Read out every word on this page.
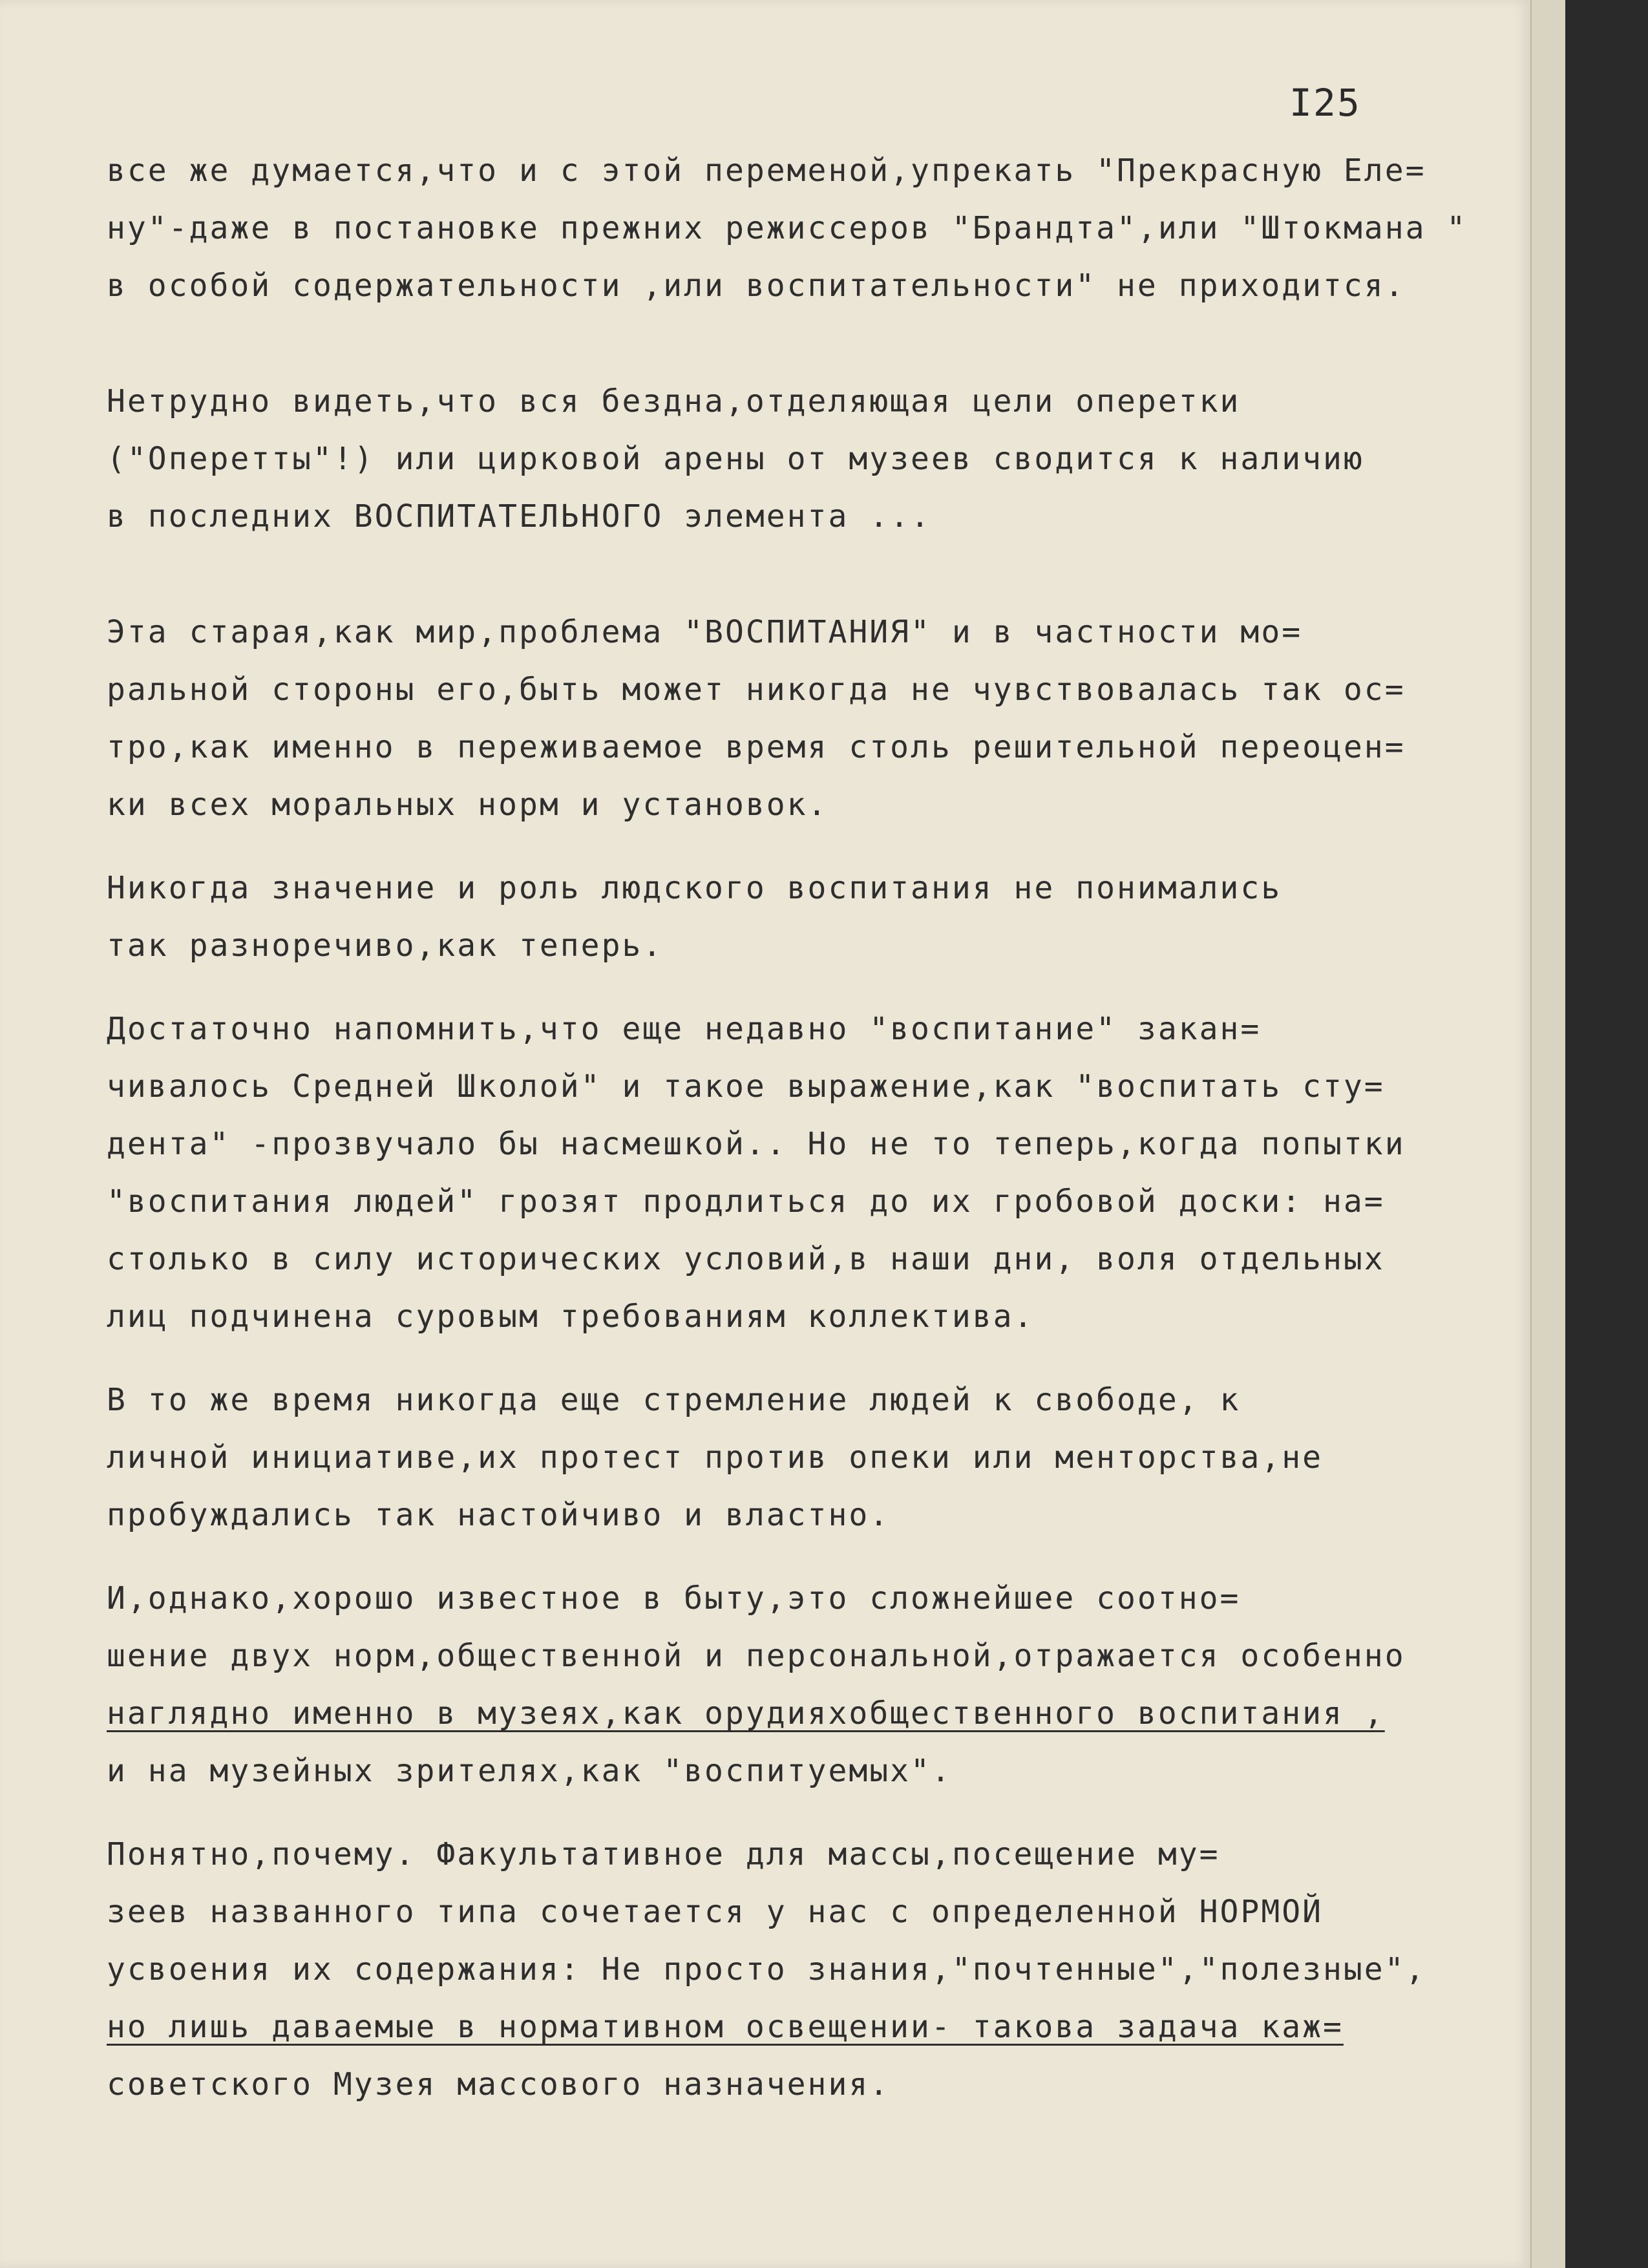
I25
все же думается,что и с этой переменой,упрекать "Прекрасную Еле=
ну"-даже в постановке прежних режиссеров "Брандта",или "Штокмана "
в особой содержательности ,или воспитательности" не приходится.
Нетрудно видеть,что вся бездна,отделяющая цели оперетки
("Оперетты"!) или цирковой арены от музеев сводится к наличию
в последних ВОСПИТАТЕЛЬНОГО элемента ...
Эта старая,как мир,проблема "ВОСПИТАНИЯ" и в частности мо=
ральной стороны его,быть может никогда не чувствовалась так ос=
тро,как именно в переживаемое время столь решительной переоцен=
ки всех моральных норм и установок.
Никогда значение и роль людского воспитания не понимались
так разноречиво,как теперь.
Достаточно напомнить,что еще недавно "воспитание" закан=
чивалось Средней Школой" и такое выражение,как "воспитать сту=
дента" -прозвучало бы насмешкой.. Но не то теперь,когда попытки
"воспитания людей" грозят продлиться до их гробовой доски: на=
столько в силу исторических условий,в наши дни, воля отдельных
лиц подчинена суровым требованиям коллектива.
В то же время никогда еще стремление людей к свободе, к
личной инициативе,их протест против опеки или менторства,не
пробуждались так настойчиво и властно.
И,однако,хорошо известное в быту,это сложнейшее соотно=
шение двух норм,общественной и персональной,отражается особенно
наглядно именно в музеях,как орудияхобщественного воспитания ,
и на музейных зрителях,как "воспитуемых".
Понятно,почему. Факультативное для массы,посещение му=
зеев названного типа сочетается у нас с определенной НОРМОЙ
усвоения их содержания: Не просто знания,"почтенные","полезные",
но лишь даваемые в нормативном освещении- такова задача каж=
советского Музея массового назначения.
